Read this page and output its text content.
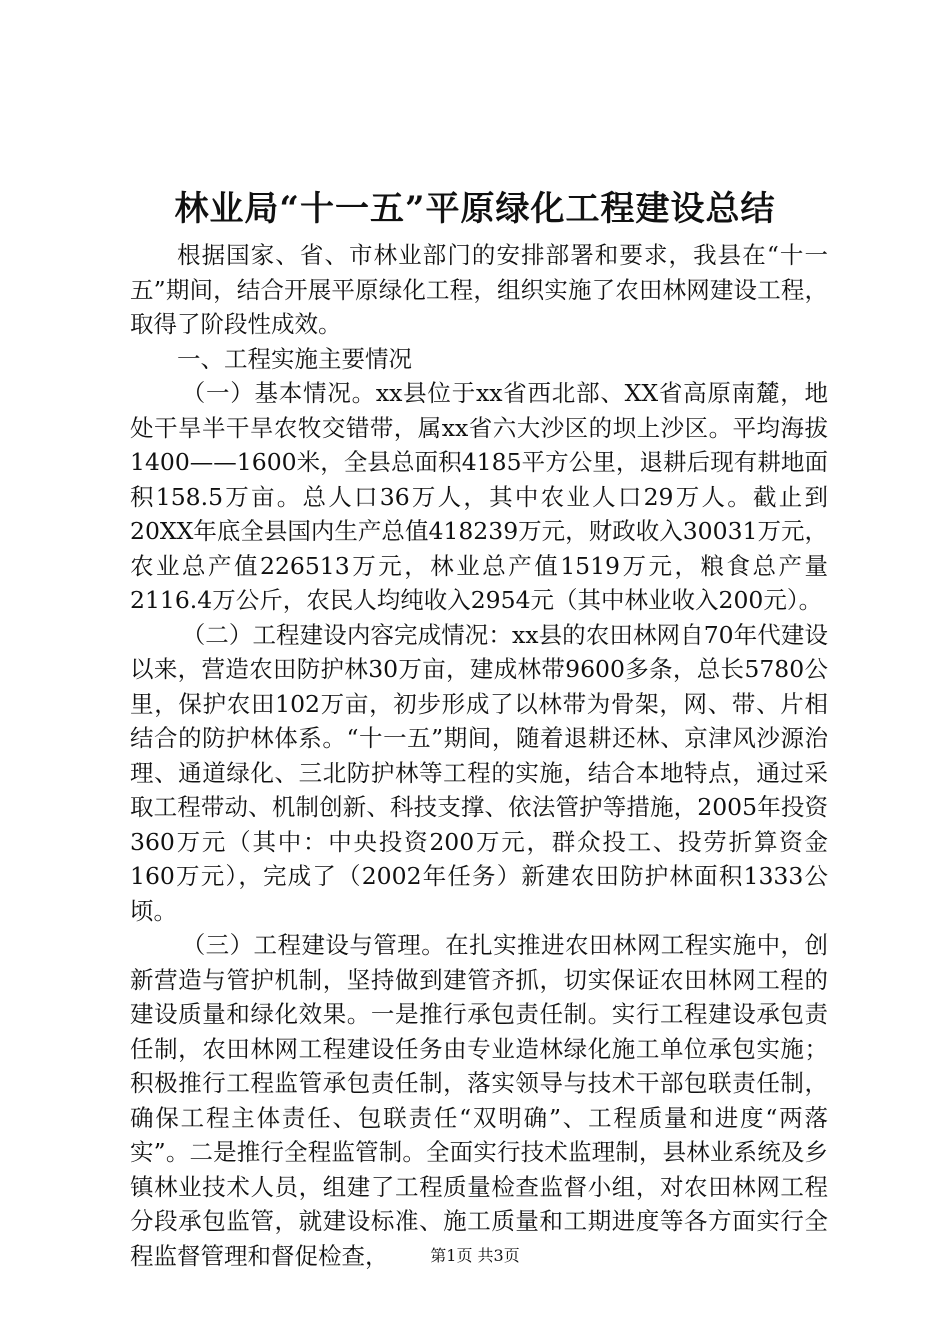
林业局“十一五”平原绿化工程建设总结

根据国家、省、市林业部门的安排部署和要求，我县在“十一五”期间，结合开展平原绿化工程，组织实施了农田林网建设工程，取得了阶段性成效。

一、工程实施主要情况

（一）基本情况。xx县位于xx省西北部、XX省高原南麓，地处干旱半干旱农牧交错带，属xx省六大沙区的坝上沙区。平均海拔1400——1600米，全县总面积4185平方公里，退耕后现有耕地面积158.5万亩。总人口36万人，其中农业人口29万人。截止到20XX年底全县国内生产总值418239万元，财政收入30031万元，农业总产值226513万元，林业总产值1519万元，粮食总产量2116.4万公斤，农民人均纯收入2954元（其中林业收入200元）。

（二）工程建设内容完成情况：xx县的农田林网自70年代建设以来，营造农田防护林30万亩，建成林带9600多条，总长5780公里，保护农田102万亩，初步形成了以林带为骨架，网、带、片相结合的防护林体系。“十一五”期间，随着退耕还林、京津风沙源治理、通道绿化、三北防护林等工程的实施，结合本地特点，通过采取工程带动、机制创新、科技支撑、依法管护等措施，2005年投资360万元（其中：中央投资200万元，群众投工、投劳折算资金160万元），完成了（2002年任务）新建农田防护林面积1333公顷。

（三）工程建设与管理。在扎实推进农田林网工程实施中，创新营造与管护机制，坚持做到建管齐抓，切实保证农田林网工程的建设质量和绿化效果。一是推行承包责任制。实行工程建设承包责任制，农田林网工程建设任务由专业造林绿化施工单位承包实施；积极推行工程监管承包责任制，落实领导与技术干部包联责任制，确保工程主体责任、包联责任“双明确”、工程质量和进度“两落实”。二是推行全程监管制。全面实行技术监理制，县林业系统及乡镇林业技术人员，组建了工程质量检查监督小组，对农田林网工程分段承包监管，就建设标准、施工质量和工期进度等各方面实行全程监督管理和督促检查，	第1页 共3页
